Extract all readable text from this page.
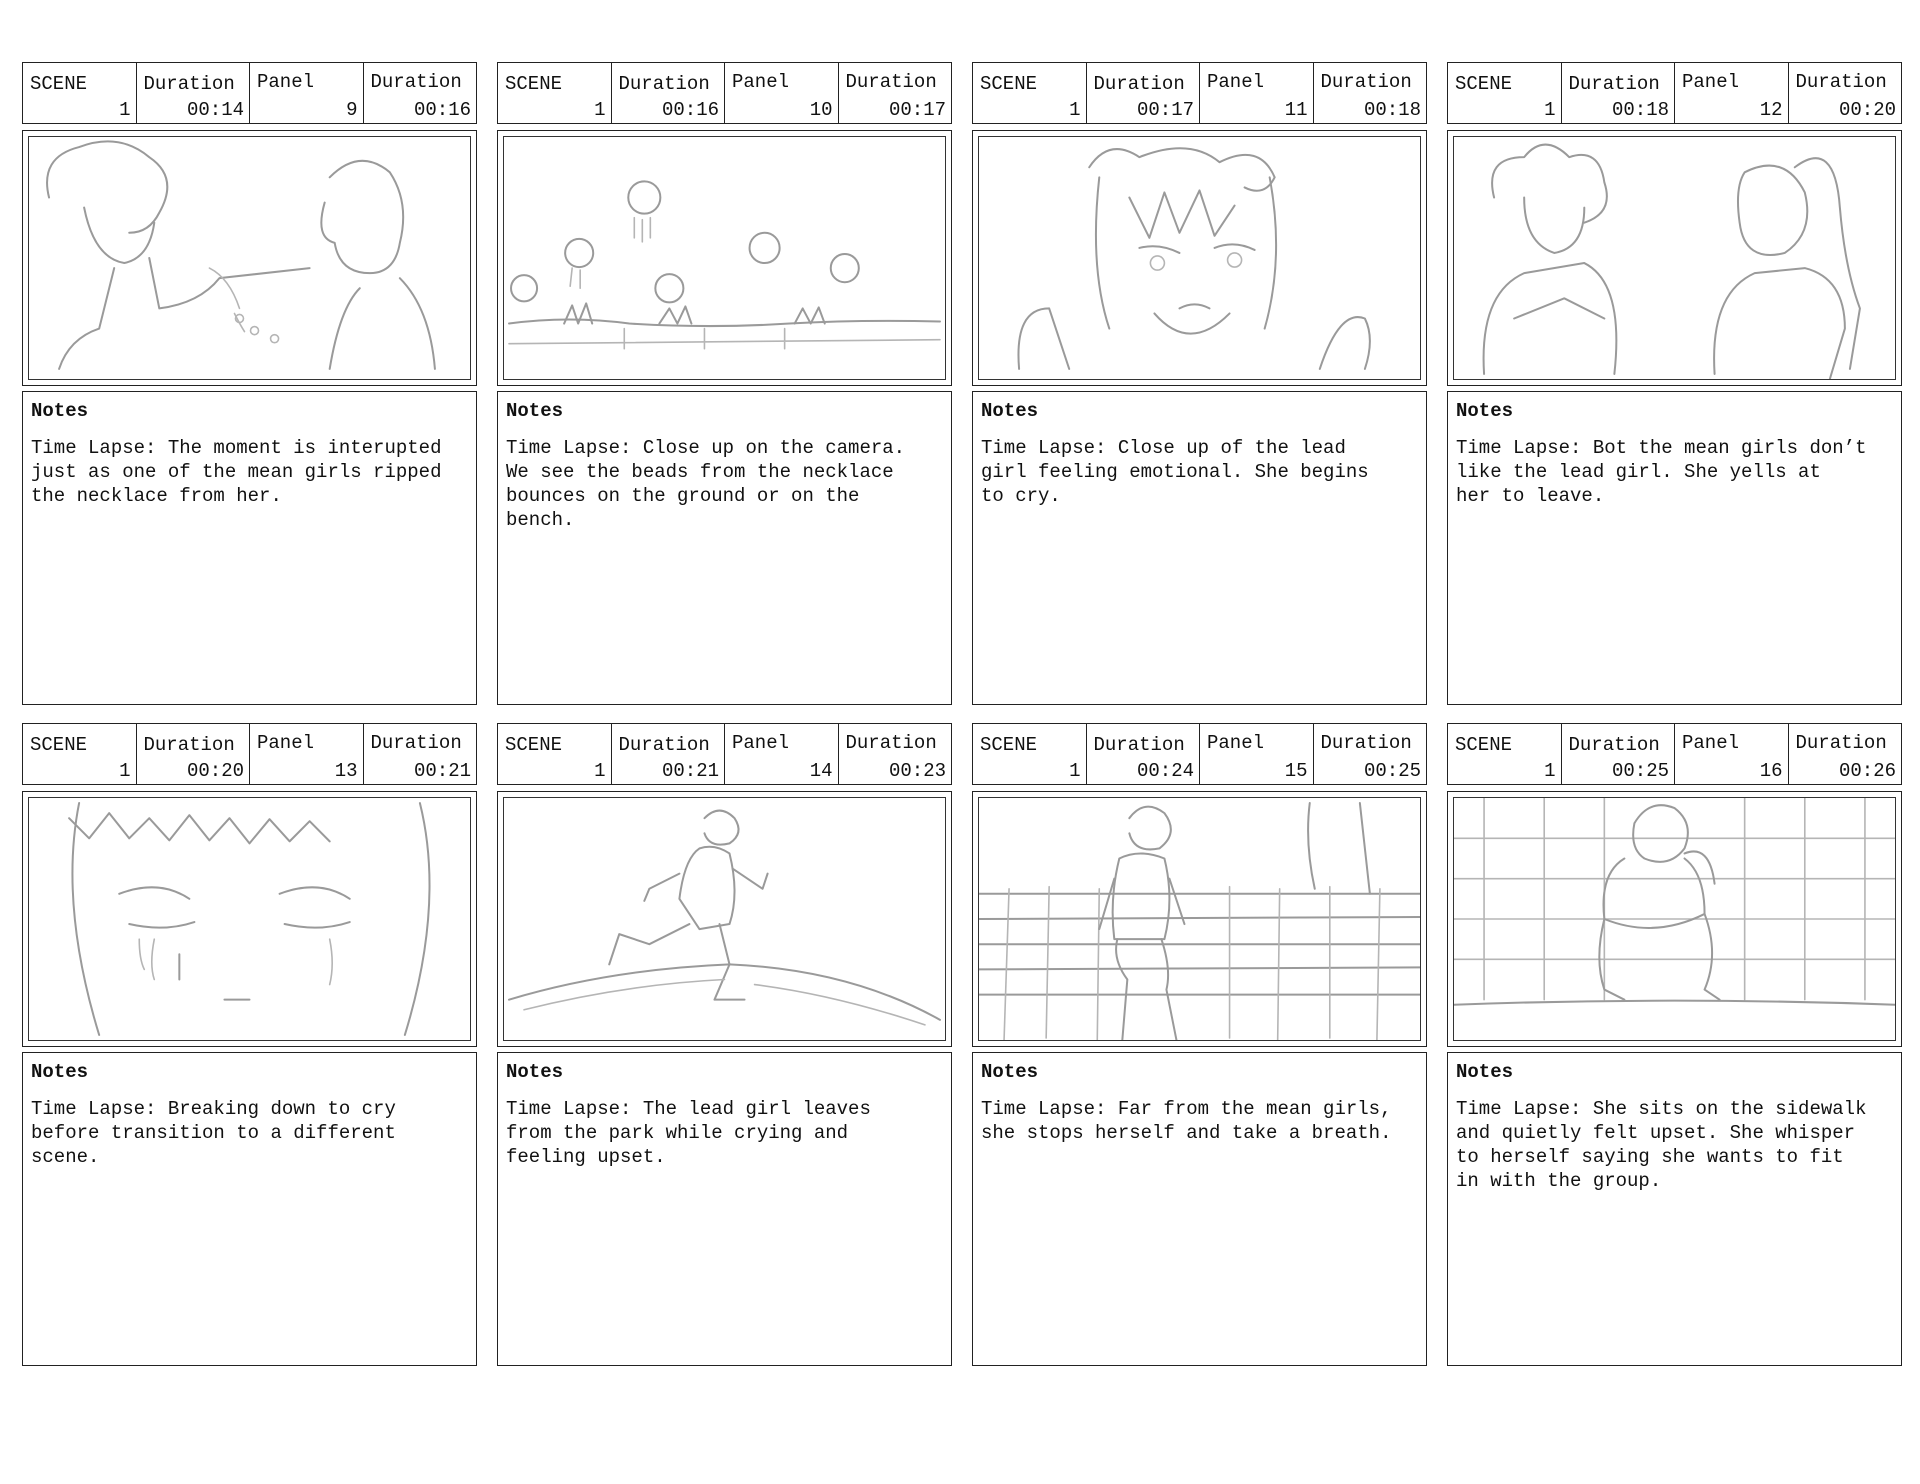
SCENE
1
Duration
00:14
Panel
9
Duration
00:16
Notes
Time Lapse: The moment is interupted
just as one of the mean girls ripped
the necklace from her.
SCENE
1
Duration
00:16
Panel
10
Duration
00:17
Notes
Time Lapse: Close up on the camera.
We see the beads from the necklace
bounces on the ground or on the
bench.
SCENE
1
Duration
00:17
Panel
11
Duration
00:18
Notes
Time Lapse: Close up of the lead
girl feeling emotional. She begins
to cry.
SCENE
1
Duration
00:18
Panel
12
Duration
00:20
Notes
Time Lapse: Bot the mean girls don’t
like the lead girl. She yells at
her to leave.
SCENE
1
Duration
00:20
Panel
13
Duration
00:21
Notes
Time Lapse: Breaking down to cry
before transition to a different
scene.
SCENE
1
Duration
00:21
Panel
14
Duration
00:23
Notes
Time Lapse: The lead girl leaves
from the park while crying and
feeling upset.
SCENE
1
Duration
00:24
Panel
15
Duration
00:25
Notes
Time Lapse: Far from the mean girls,
she stops herself and take a breath.
SCENE
1
Duration
00:25
Panel
16
Duration
00:26
Notes
Time Lapse: She sits on the sidewalk
and quietly felt upset. She whisper
to herself saying she wants to fit
in with the group.
